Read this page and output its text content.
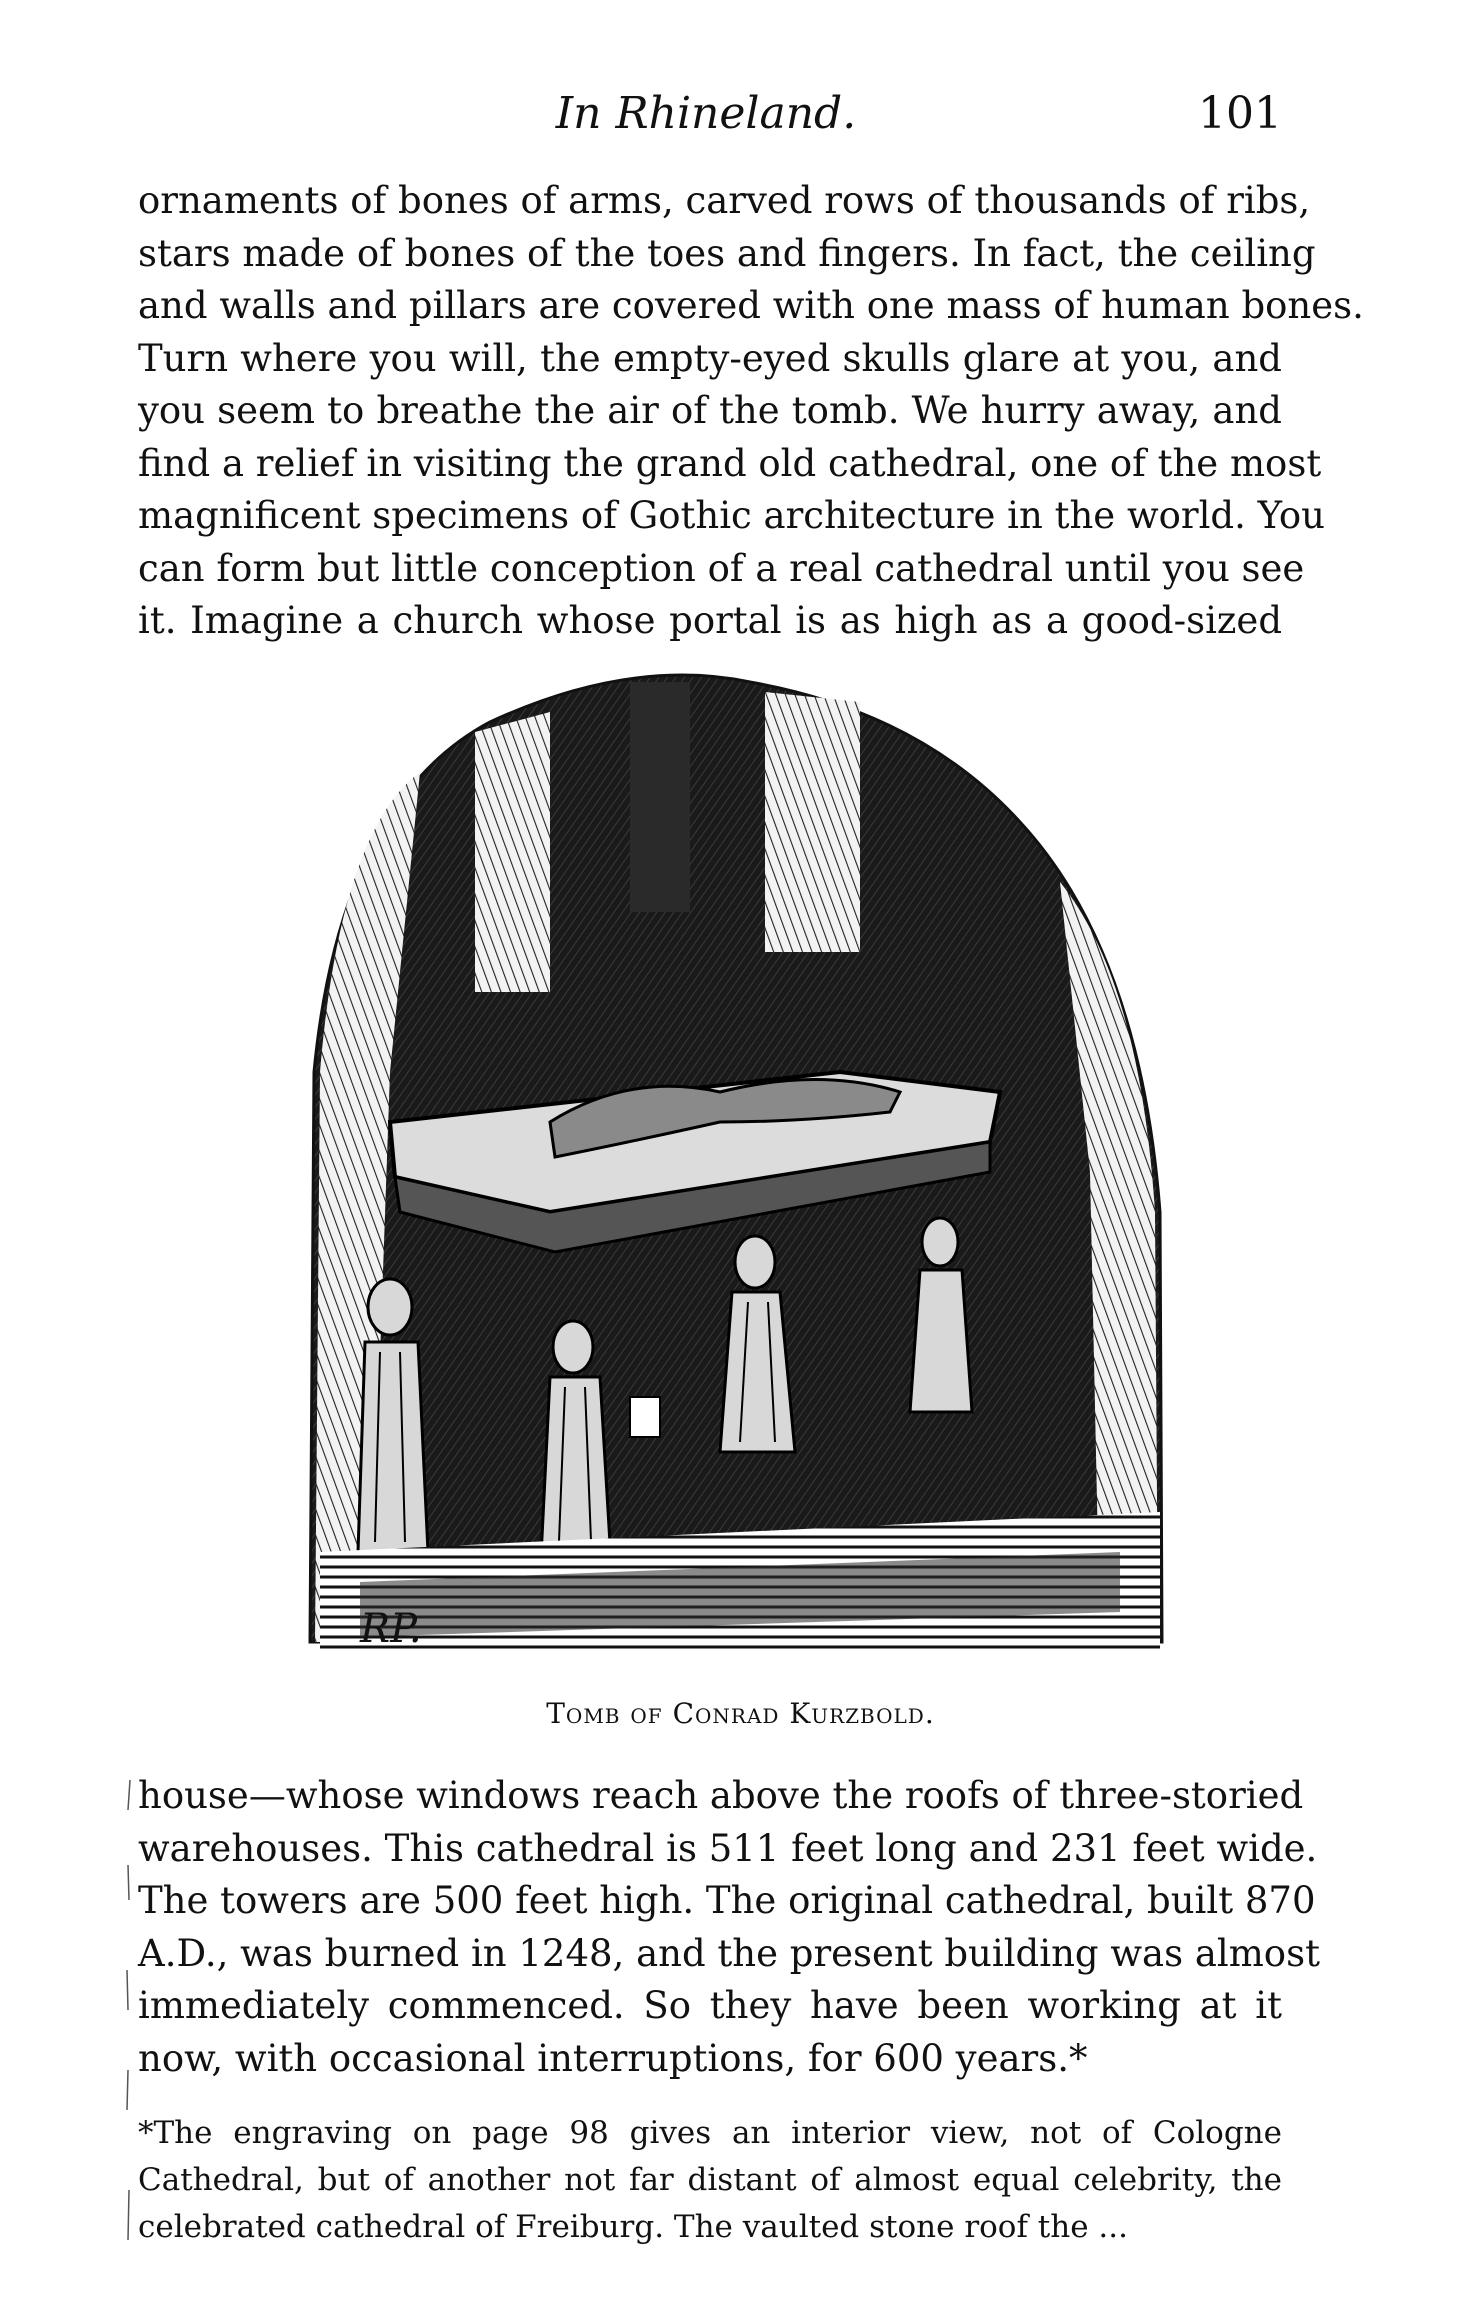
In Rhineland.	101
ornaments of bones of arms, carved rows of thousands of ribs,
stars made of bones of the toes and fingers. In fact, the ceiling
and walls and pillars are covered with one mass of human bones.
Turn where you will, the empty-eyed skulls glare at you, and
you seem to breathe the air of the tomb. We hurry away, and
find a relief in visiting the grand old cathedral, one of the most
magnificent specimens of Gothic architecture in the world. You
can form but little conception of a real cathedral until you see
it. Imagine a church whose portal is as high as a good-sized
RP.
Tomb of Conrad Kurzbold.
house—whose windows reach above the roofs of three-storied
warehouses. This cathedral is 511 feet long and 231 feet wide.
The towers are 500 feet high. The original cathedral, built 870
A.D., was burned in 1248, and the present building was almost
immediately commenced. So they have been working at it
now, with occasional interruptions, for 600 years.*
*The engraving on page 98 gives an interior view, not of Cologne
Cathedral, but of another not far distant of almost equal celebrity, the
celebrated cathedral of Freiburg. The vaulted stone roof the ...
